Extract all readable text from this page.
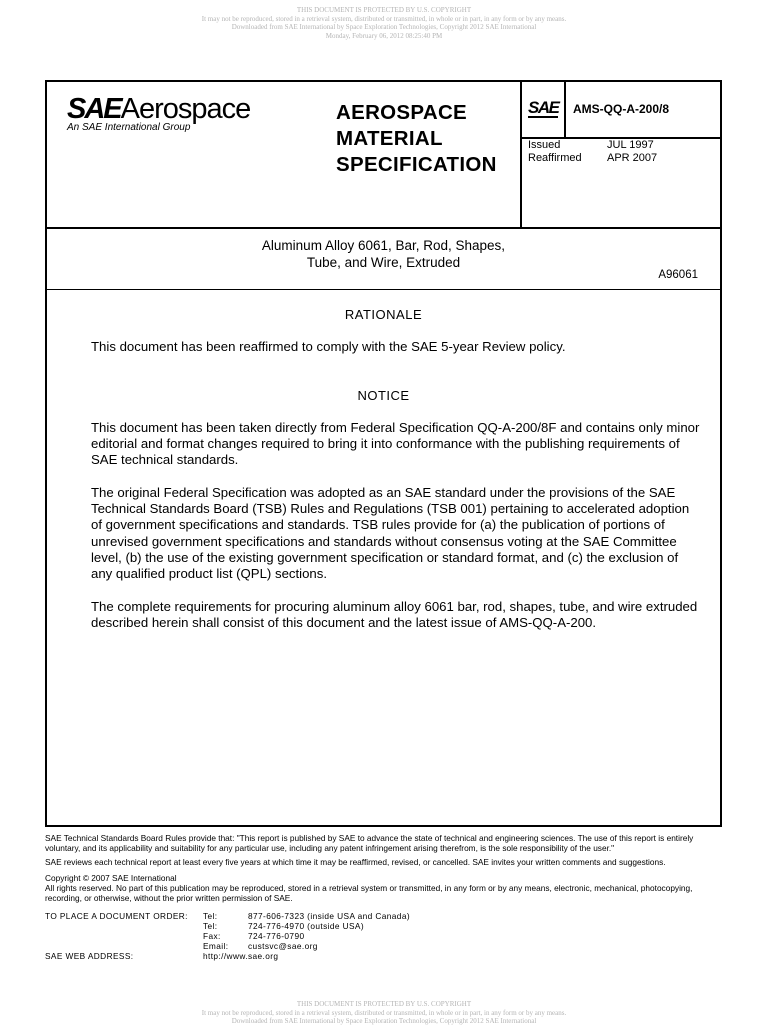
THIS DOCUMENT IS PROTECTED BY U.S. COPYRIGHT
It may not be reproduced, stored in a retrieval system, distributed or transmitted, in whole or in part, in any form or by any means.
Downloaded from SAE International by Space Exploration Technologies, Copyright 2012 SAE International
Monday, February 06, 2012 08:25:40 PM
SAEAerospace
An SAE International Group
AEROSPACE
MATERIAL
SPECIFICATION
SAE AMS-QQ-A-200/8
Issued	JUL 1997
Reaffirmed	APR 2007
Aluminum Alloy 6061, Bar, Rod, Shapes,
Tube, and Wire, Extruded
A96061
RATIONALE
This document has been reaffirmed to comply with the SAE 5-year Review policy.
NOTICE
This document has been taken directly from Federal Specification QQ-A-200/8F and contains only minor editorial and format changes required to bring it into conformance with the publishing requirements of SAE technical standards.
The original Federal Specification was adopted as an SAE standard under the provisions of the SAE Technical Standards Board (TSB) Rules and Regulations (TSB 001) pertaining to accelerated adoption of government specifications and standards. TSB rules provide for (a) the publication of portions of unrevised government specifications and standards without consensus voting at the SAE Committee level, (b) the use of the existing government specification or standard format, and (c) the exclusion of any qualified product list (QPL) sections.
The complete requirements for procuring aluminum alloy 6061 bar, rod, shapes, tube, and wire extruded described herein shall consist of this document and the latest issue of AMS-QQ-A-200.
SAE Technical Standards Board Rules provide that: "This report is published by SAE to advance the state of technical and engineering sciences. The use of this report is entirely voluntary, and its applicability and suitability for any particular use, including any patent infringement arising therefrom, is the sole responsibility of the user."
SAE reviews each technical report at least every five years at which time it may be reaffirmed, revised, or cancelled. SAE invites your written comments and suggestions.
Copyright © 2007 SAE International
All rights reserved. No part of this publication may be reproduced, stored in a retrieval system or transmitted, in any form or by any means, electronic, mechanical, photocopying, recording, or otherwise, without the prior written permission of SAE.
TO PLACE A DOCUMENT ORDER:	Tel:	877-606-7323 (inside USA and Canada)
Tel:	724-776-4970 (outside USA)
Fax:	724-776-0790
Email:	custsvc@sae.org
SAE WEB ADDRESS:	http://www.sae.org
THIS DOCUMENT IS PROTECTED BY U.S. COPYRIGHT
It may not be reproduced, stored in a retrieval system, distributed or transmitted, in whole or in part, in any form or by any means.
Downloaded from SAE International by Space Exploration Technologies, Copyright 2012 SAE International
